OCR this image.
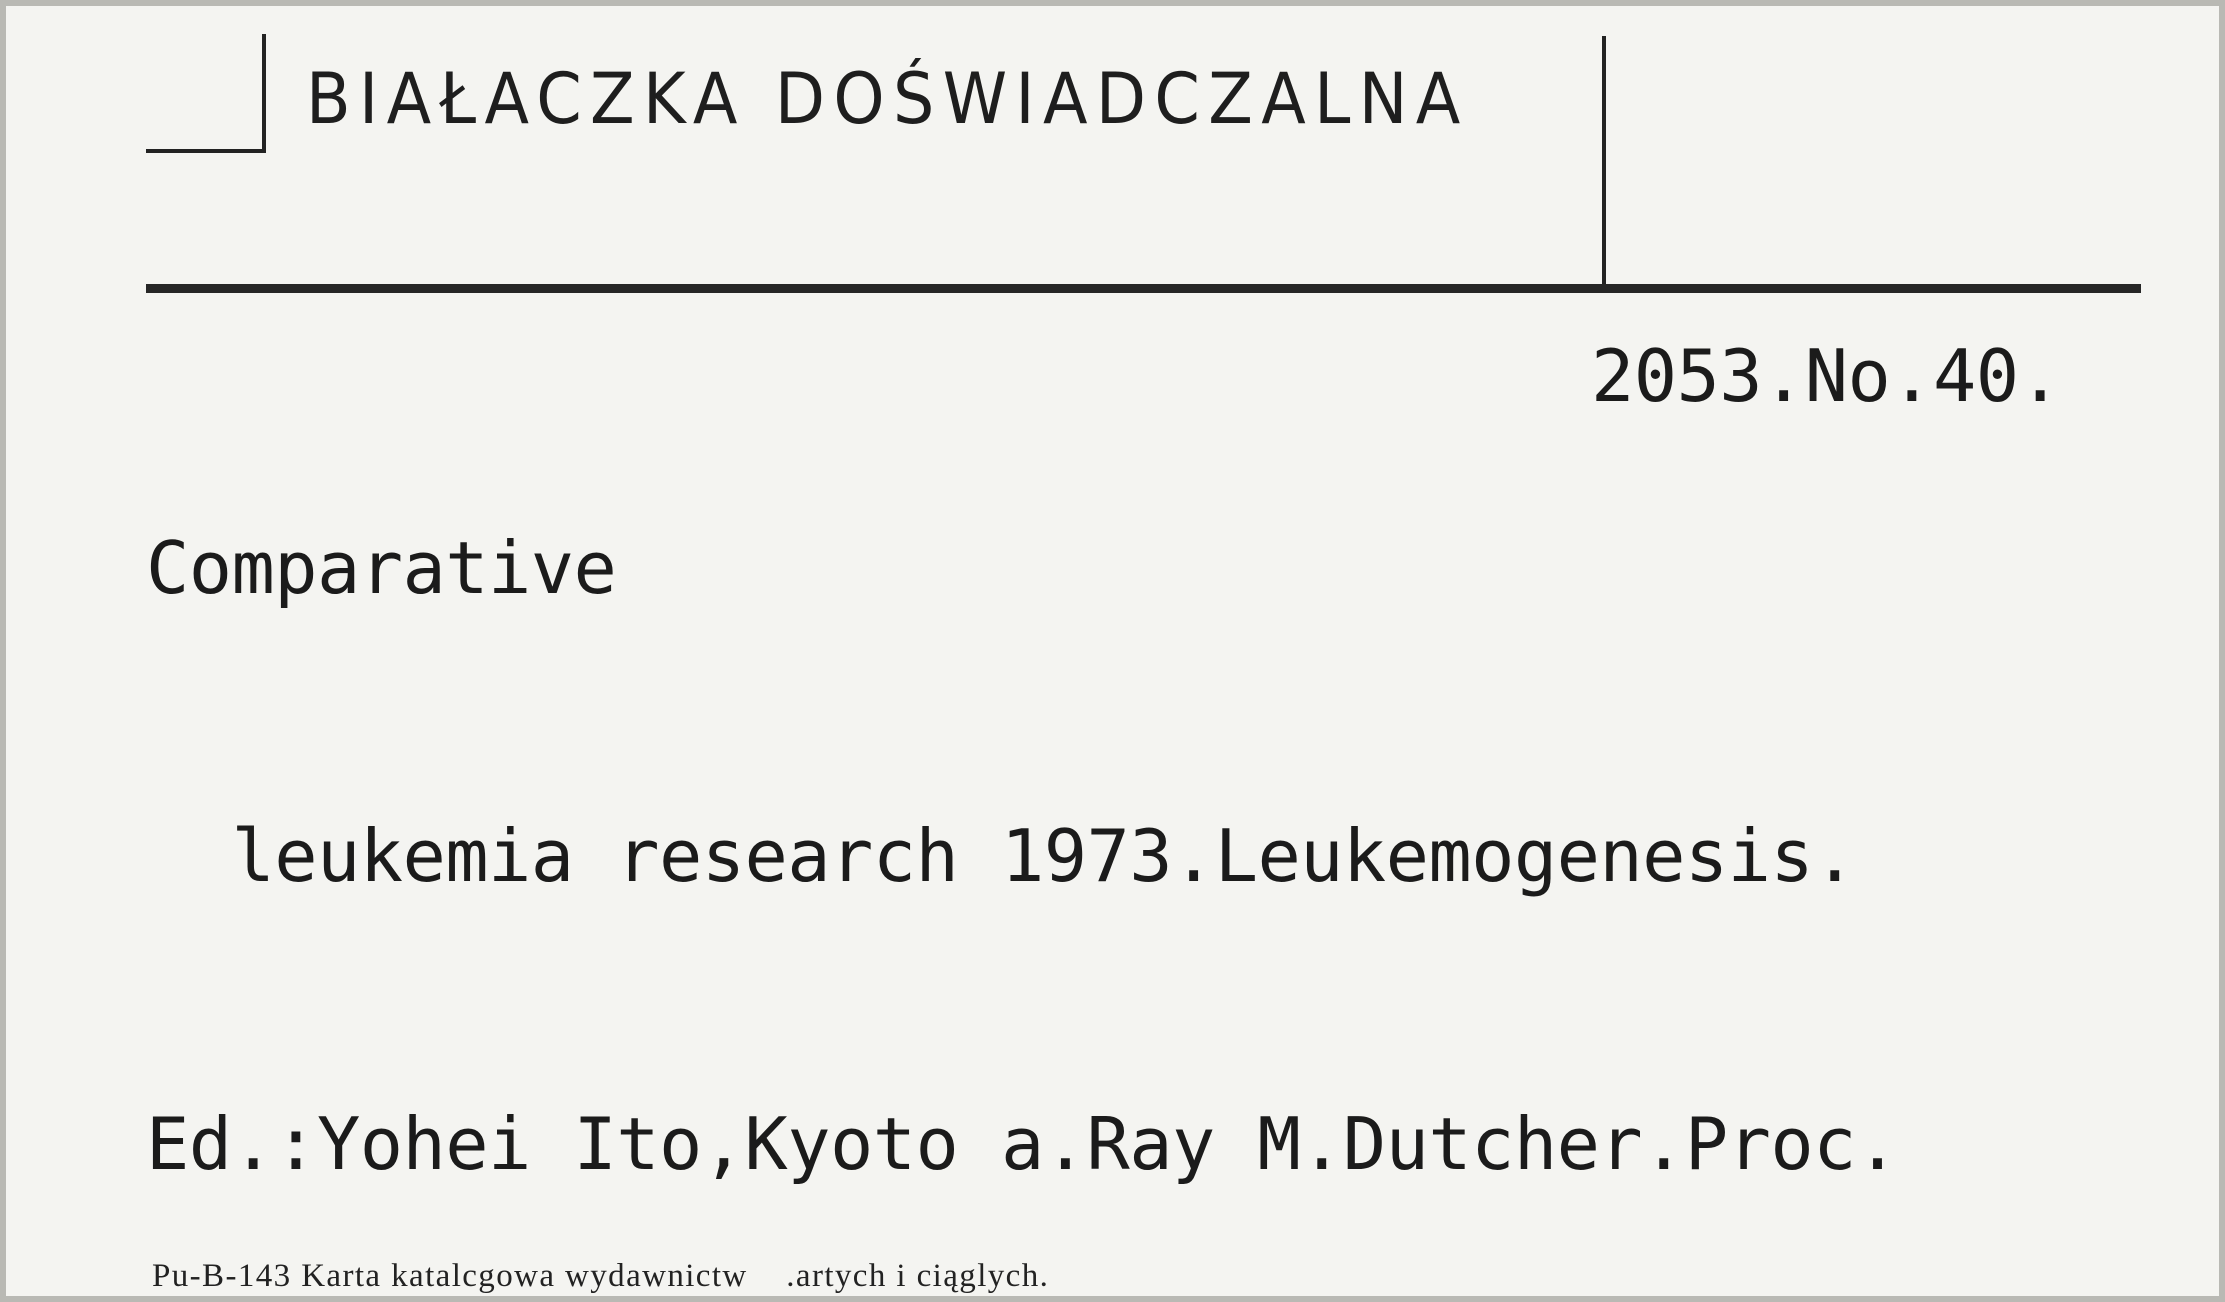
BIAŁACZKA DOŚWIADCZALNA

Comparative

leukemia research 1973.Leukemogenesis.

Ed.:Yohei Ito,Kyoto a.Ray M.Dutcher.Proc.

2053.No.40.

Pu-B-143 Karta katalcgowa wydawnictw    .artych i ciąglych.
